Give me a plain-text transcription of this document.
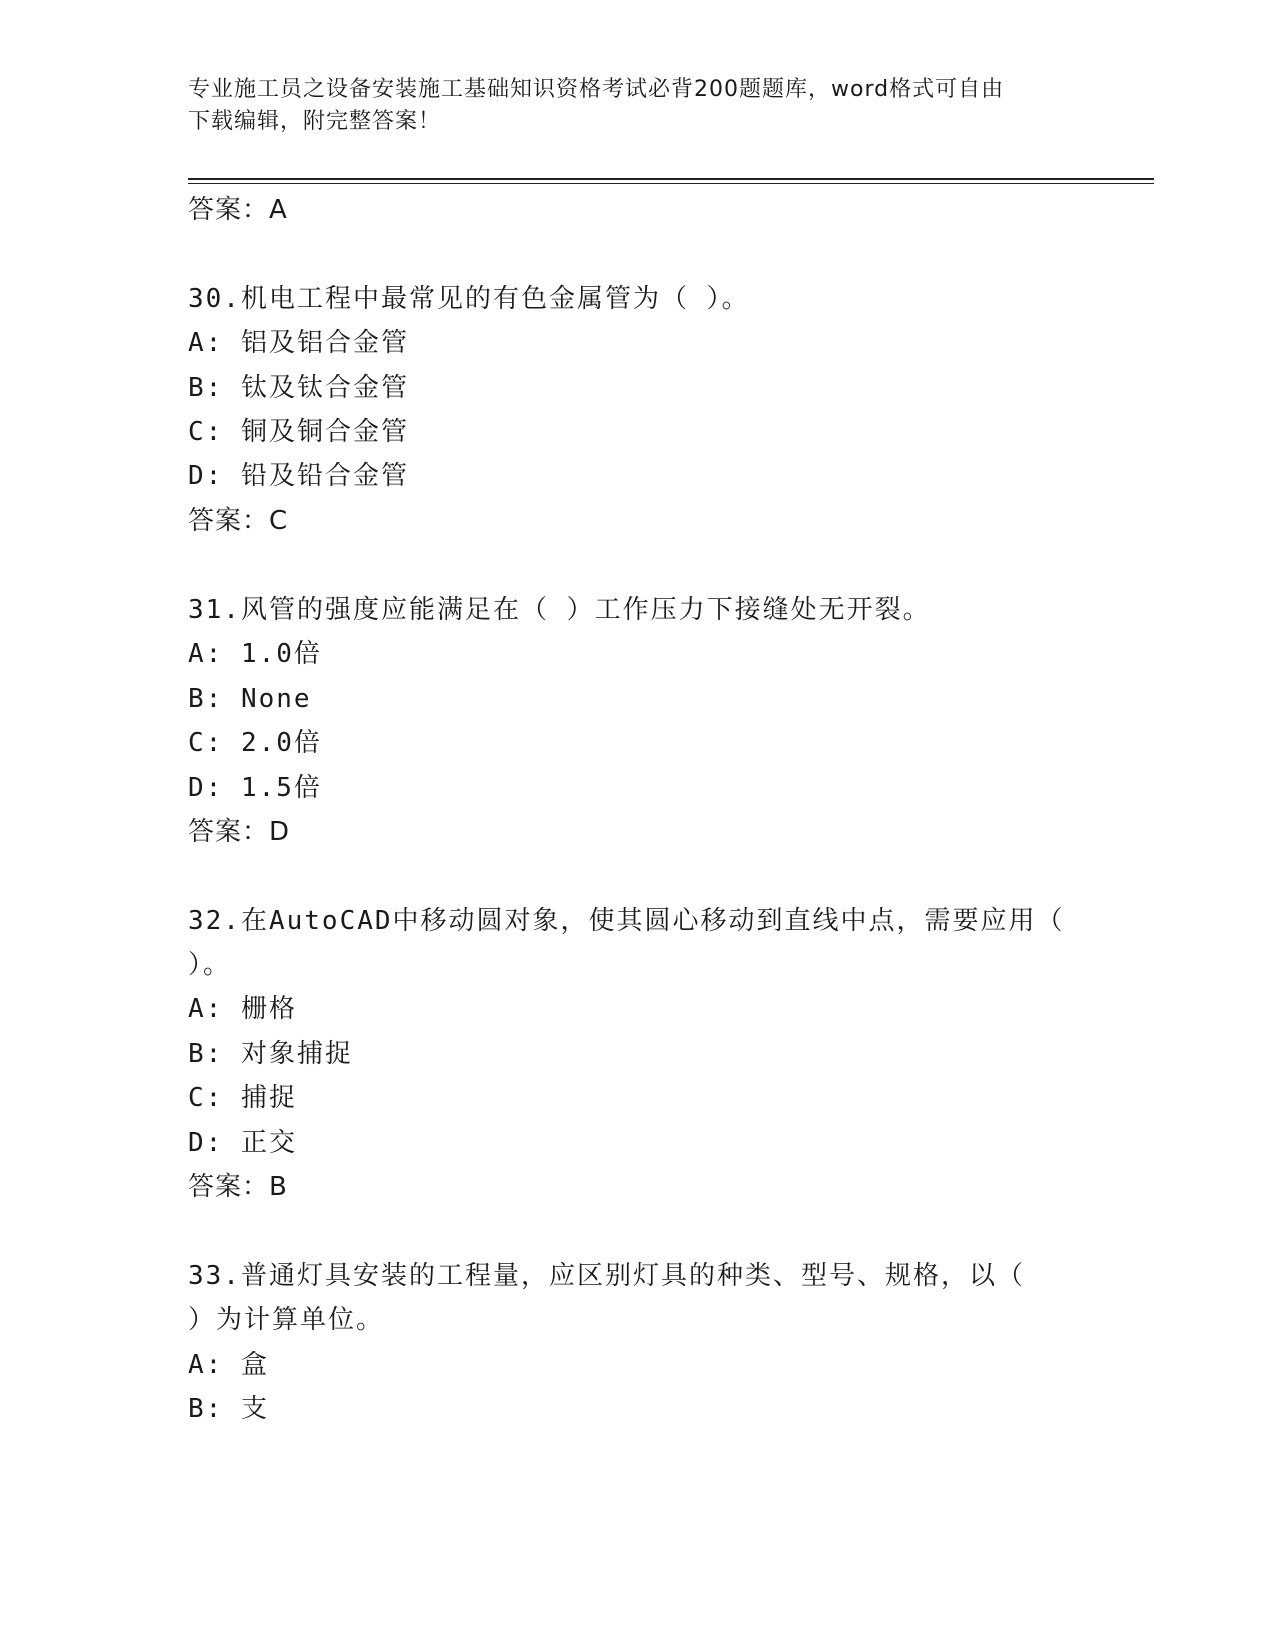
专业施工员之设备安装施工基础知识资格考试必背200题题库，word格式可自由
下载编辑，附完整答案！
答案：A
30.机电工程中最常见的有色金属管为（ ）。
A: 铝及铝合金管
B: 钛及钛合金管
C: 铜及铜合金管
D: 铅及铅合金管
答案：C
31.风管的强度应能满足在（ ）工作压力下接缝处无开裂。
A: 1.0倍
B: None
C: 2.0倍
D: 1.5倍
答案：D
32.在AutoCAD中移动圆对象，使其圆心移动到直线中点，需要应用（
）。
A: 栅格
B: 对象捕捉
C: 捕捉
D: 正交
答案：B
33.普通灯具安装的工程量，应区别灯具的种类、型号、规格，以（
）为计算单位。
A: 盒
B: 支
